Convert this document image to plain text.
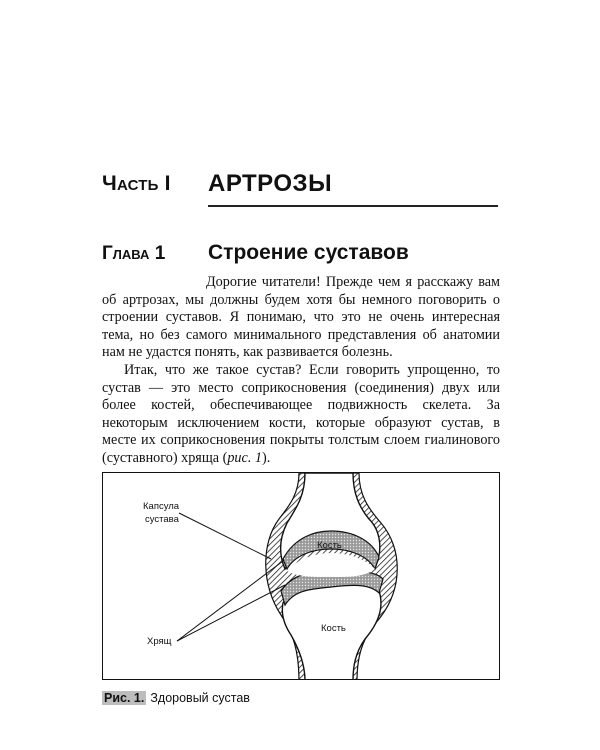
Часть I АРТРОЗЫ
Глава 1 Строение суставов

Дорогие читатели! Прежде чем я расскажу вам об артрозах, мы должны будем хотя бы немного поговорить о строении суставов. Я понимаю, что это не очень интересная тема, но без самого минимального представления об анатомии нам не удастся понять, как развивается болезнь.

Итак, что же такое сустав? Если говорить упрощенно, то сустав — это место соприкосновения (соединения) двух или более костей, обеспечивающее подвижность скелета. За некоторым исключением кости, которые образуют сустав, в месте их соприкосновения покрыты толстым слоем гиалинового (суставного) хряща (рис. 1).

Капсула
сустава
Кость
Кость
Хрящ
Рис. 1. Здоровый сустав
